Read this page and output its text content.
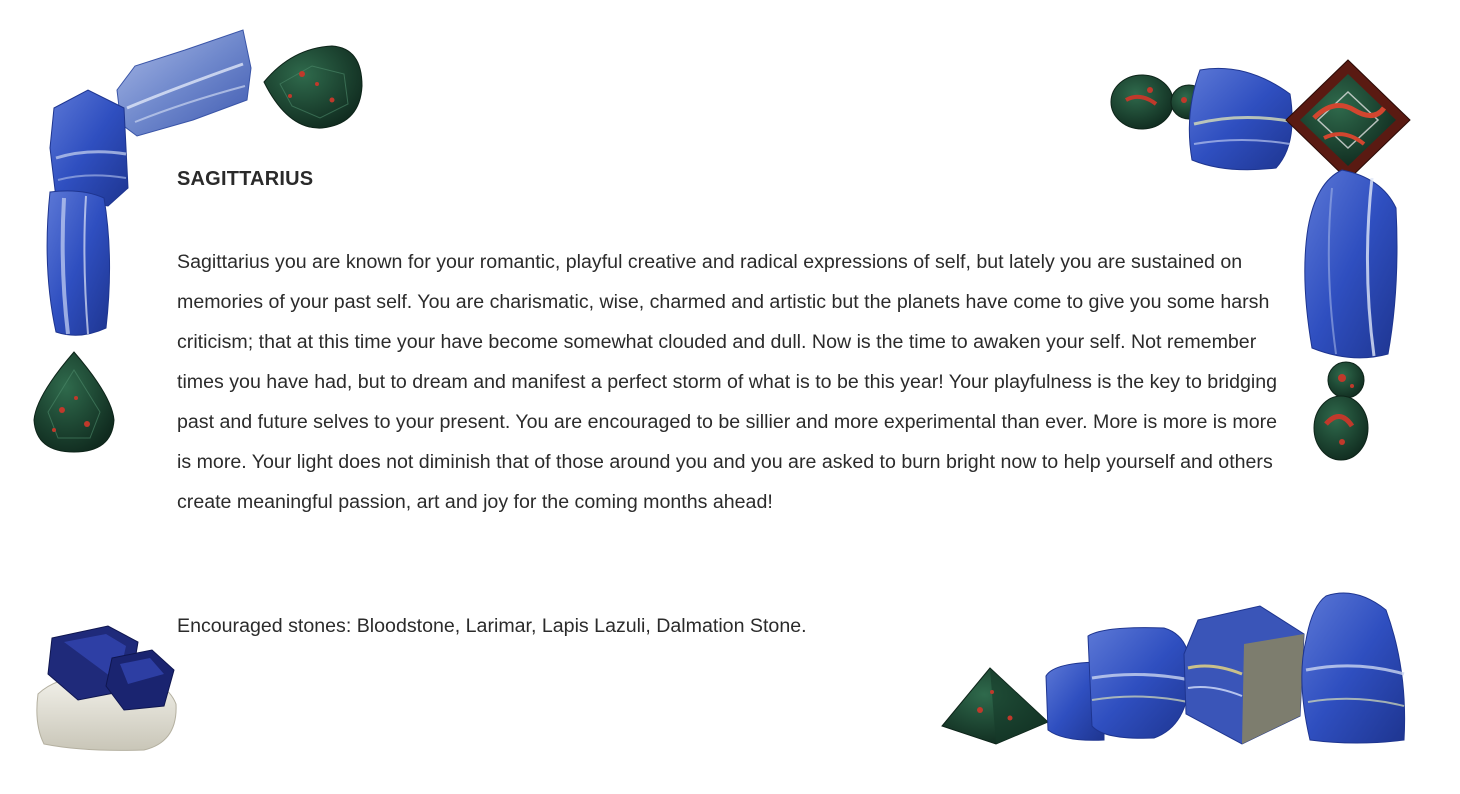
SAGITTARIUS

Sagittarius you are known for your romantic, playful creative and radical expressions of self, but lately you are sustained on memories of your past self. You are charismatic, wise, charmed and artistic but the planets have come to give you some harsh criticism; that at this time your have become somewhat clouded and dull. Now is the time to awaken your self. Not remember times you have had, but to dream and manifest a perfect storm of what is to be this year! Your playfulness is the key to bridging past and future selves to your present. You are encouraged to be sillier and more experimental than ever. More is more is more is more. Your light does not diminish that of those around you and you are asked to burn bright now to help yourself and others create meaningful passion, art and joy for the coming months ahead!

Encouraged stones: Bloodstone, Larimar, Lapis Lazuli, Dalmation Stone.
